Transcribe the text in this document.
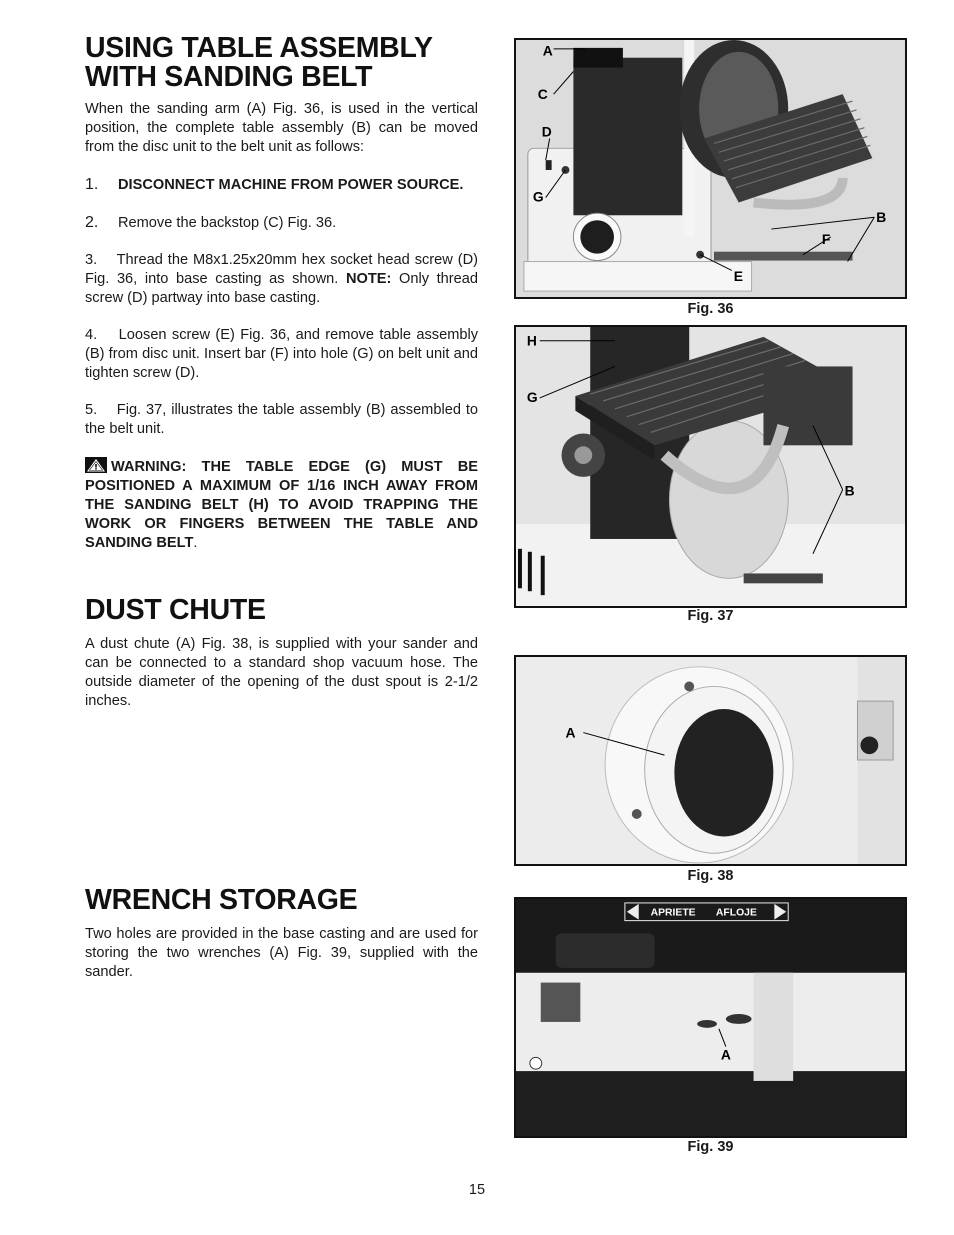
USING TABLE ASSEMBLY
WITH SANDING BELT

When the sanding arm (A) Fig. 36, is used in the vertical position, the complete table assembly (B) can be moved from the disc unit to the belt unit as follows:

1.	DISCONNECT MACHINE FROM POWER SOURCE.
2.	Remove the backstop (C) Fig. 36.

3. Thread the M8x1.25x20mm hex socket head screw (D) Fig. 36, into base casting as shown. NOTE: Only thread screw (D) partway into base casting.

4. Loosen screw (E) Fig. 36, and remove table assembly (B) from disc unit. Insert bar (F) into hole (G) on belt unit and tighten screw (D).

5. Fig. 37, illustrates the table assembly (B) assembled to the belt unit.

WARNING: THE TABLE EDGE (G) MUST BE POSITIONED A MAXIMUM OF 1/16 INCH AWAY FROM THE SANDING BELT (H) TO AVOID TRAPPING THE WORK OR FINGERS BETWEEN THE TABLE AND SANDING BELT.

DUST CHUTE

A dust chute (A) Fig. 38, is supplied with your sander and can be connected to a standard shop vacuum hose. The outside diameter of the opening of the dust spout is 2-1/2 inches.

WRENCH STORAGE

Two holes are provided in the base casting and are used for storing the two wrenches (A) Fig. 39, supplied with the sander.

A
C
D
G
B
F
E
Fig. 36
H
G
B
Fig. 37
A
Fig. 38
APRIETE AFLOJE
A
Fig. 39
15
